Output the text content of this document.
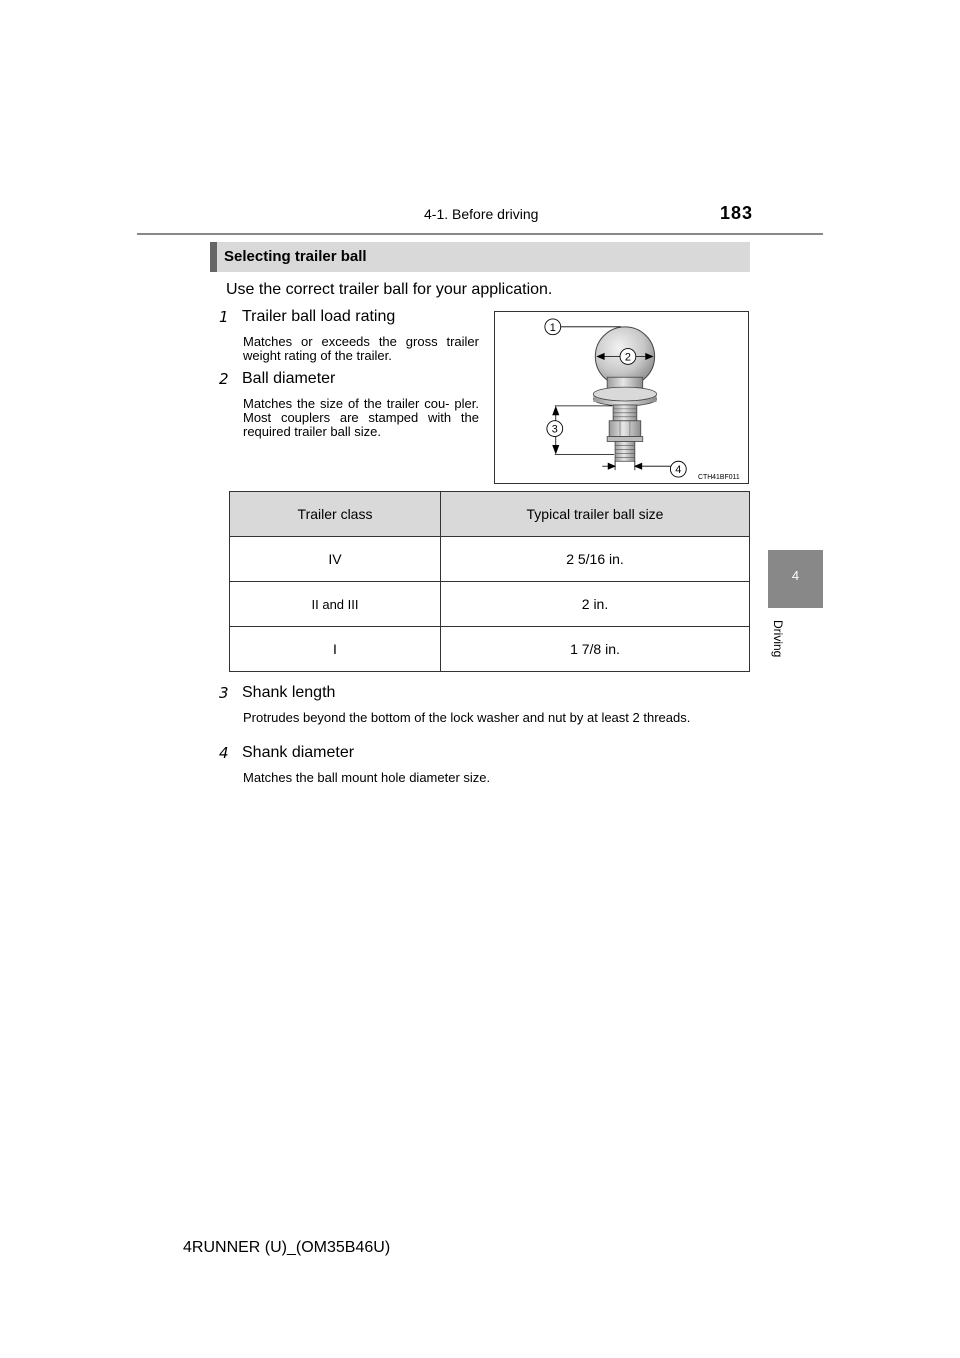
4-1. Before driving	183
4
Driving
Selecting trailer ball
Use the correct trailer ball for your application.
1 Trailer ball load rating
Matches or exceeds the gross trailer weight rating of the trailer.
2 Ball diameter
Matches the size of the trailer cou- pler. Most couplers are stamped with the required trailer ball size.
1
2
3
4
CTH41BF011
Trailer class	Typical trailer ball size
IV	2 5/16 in.
II and III	2 in.
I	1 7/8 in.
3 Shank length
Protrudes beyond the bottom of the lock washer and nut by at least 2 threads.
4 Shank diameter
Matches the ball mount hole diameter size.
4RUNNER (U)_(OM35B46U)
